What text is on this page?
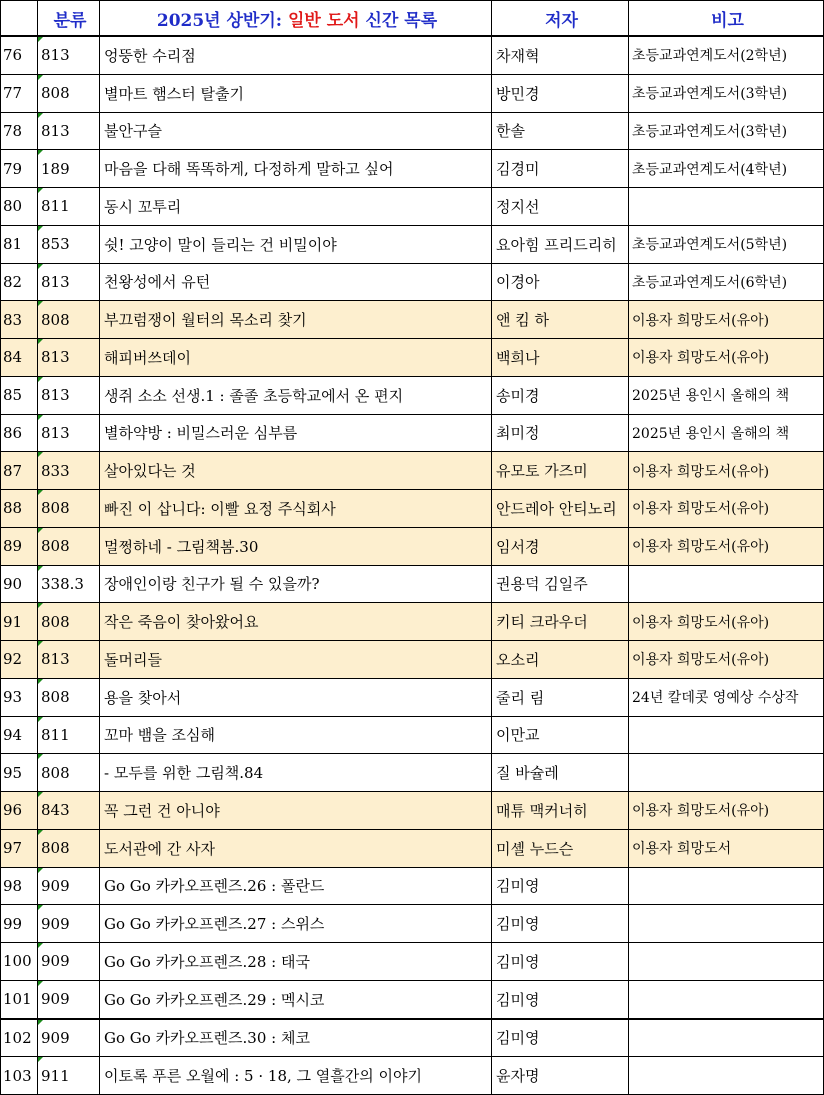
	분류	2025년 상반기: 일반 도서 신간 목록	저자	비고
76	813	엉뚱한 수리점	차재혁	초등교과연계도서(2학년)
77	808	별마트 햄스터 탈출기	방민경	초등교과연계도서(3학년)
78	813	불안구슬	한솔	초등교과연계도서(3학년)
79	189	마음을 다해 똑똑하게, 다정하게 말하고 싶어	김경미	초등교과연계도서(4학년)
80	811	동시 꼬투리	정지선	
81	853	쉿! 고양이 말이 들리는 건 비밀이야	요아힘 프리드리히	초등교과연계도서(5학년)
82	813	천왕성에서 유턴	이경아	초등교과연계도서(6학년)
83	808	부끄럼쟁이 월터의 목소리 찾기	앤 킴 하	이용자 희망도서(유아)
84	813	해피버쓰데이	백희나	이용자 희망도서(유아)
85	813	생쥐 소소 선생.1 : 졸졸 초등학교에서 온 편지	송미경	2025년 용인시 올해의 책
86	813	별하약방 : 비밀스러운 심부름	최미정	2025년 용인시 올해의 책
87	833	살아있다는 것	유모토 가즈미	이용자 희망도서(유아)
88	808	빠진 이 삽니다: 이빨 요정 주식회사	안드레아 안티노리	이용자 희망도서(유아)
89	808	멀쩡하네 - 그림책봄.30	임서경	이용자 희망도서(유아)
90	338.3	장애인이랑 친구가 될 수 있을까?	권용덕 김일주	
91	808	작은 죽음이 찾아왔어요	키티 크라우더	이용자 희망도서(유아)
92	813	돌머리들	오소리	이용자 희망도서(유아)
93	808	용을 찾아서	줄리 림	24년 칼데콧 영예상 수상작
94	811	꼬마 뱀을 조심해	이만교	
95	808	- 모두를 위한 그림책.84	질 바슐레	
96	843	꼭 그런 건 아니야	매튜 맥커너히	이용자 희망도서(유아)
97	808	도서관에 간 사자	미셸 누드슨	이용자 희망도서
98	909	Go Go 카카오프렌즈.26 : 폴란드	김미영	
99	909	Go Go 카카오프렌즈.27 : 스위스	김미영	
100	909	Go Go 카카오프렌즈.28 : 태국	김미영	
101	909	Go Go 카카오프렌즈.29 : 멕시코	김미영	
102	909	Go Go 카카오프렌즈.30 : 체코	김미영	
103	911	이토록 푸른 오월에 : 5 · 18, 그 열흘간의 이야기	윤자명	
